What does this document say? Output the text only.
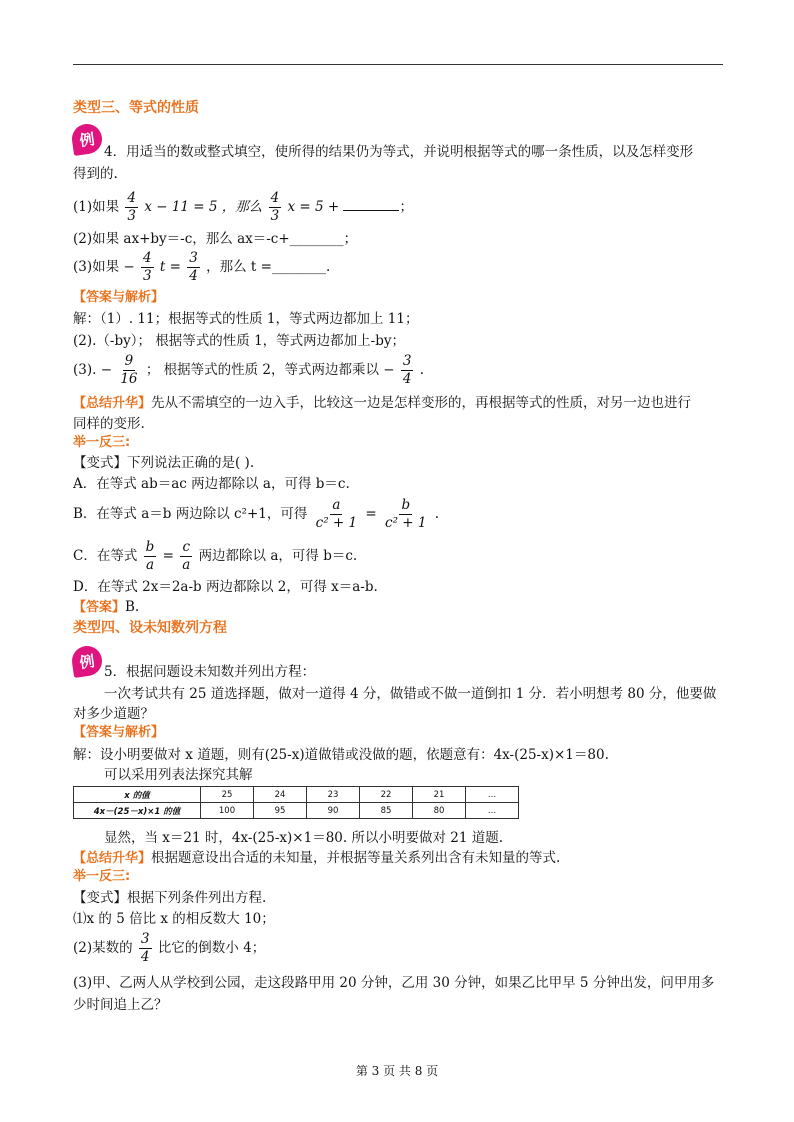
类型三、等式的性质
例
4．用适当的数或整式填空，使所得的结果仍为等式，并说明根据等式的哪一条性质，以及怎样变形
得到的.
(1)如果 $\frac{4}{3}$ x − 11 = 5 ，那么 $\frac{4}{3}$ x = 5 +	；
(2)如果 ax+by＝-c，那么 ax＝-c+________；
(3)如果 − $\frac{4}{3}$ $t = \frac{3}{4}$ ，那么 t =________.
【答案与解析】
解：（1）. 11；根据等式的性质 1，等式两边都加上 11；
(2).（-by）； 根据等式的性质 1，等式两边都加上-by；
(3). − $\frac{9}{16}$ ； 根据等式的性质 2，等式两边都乘以 − $\frac{3}{4}$ .
【总结升华】先从不需填空的一边入手，比较这一边是怎样变形的，再根据等式的性质，对另一边也进行
同样的变形.
举一反三:
【变式】下列说法正确的是( ).
A．在等式 ab＝ac 两边都除以 a，可得 b＝c.
B．在等式 a＝b 两边除以 c²+1，可得 $\frac{a}{\text{c² + 1}} = \frac{b}{\text{c² + 1}}$ .
C．在等式 $\frac{b}{a} = \frac{c}{a}$ 两边都除以 a，可得 b＝c.
D．在等式 2x＝2a-b 两边都除以 2，可得 x＝a-b.
【答案】B.
类型四、设未知数列方程
例
5．根据问题设未知数并列出方程：
一次考试共有 25 道选择题，做对一道得 4 分，做错或不做一道倒扣 1 分．若小明想考 80 分，他要做
对多少道题？
【答案与解析】
解：设小明要做对 x 道题，则有(25-x)道做错或没做的题，依题意有：4x-(25-x)×1＝80.
可以采用列表法探究其解
x 的值	25	24	23	22	21	…
4x－(25－x)×1 的值	100	95	90	85	80	…
显然，当 x＝21 时，4x-(25-x)×1＝80. 所以小明要做对 21 道题.
【总结升华】根据题意设出合适的未知量，并根据等量关系列出含有未知量的等式.
举一反三:
【变式】根据下列条件列出方程.
⑴x 的 5 倍比 x 的相反数大 10；
(2)某数的 $\frac{3}{4}$ 比它的倒数小 4；
(3)甲、乙两人从学校到公园，走这段路甲用 20 分钟，乙用 30 分钟，如果乙比甲早 5 分钟出发，问甲用多
少时间追上乙？
第 3 页 共 8 页
